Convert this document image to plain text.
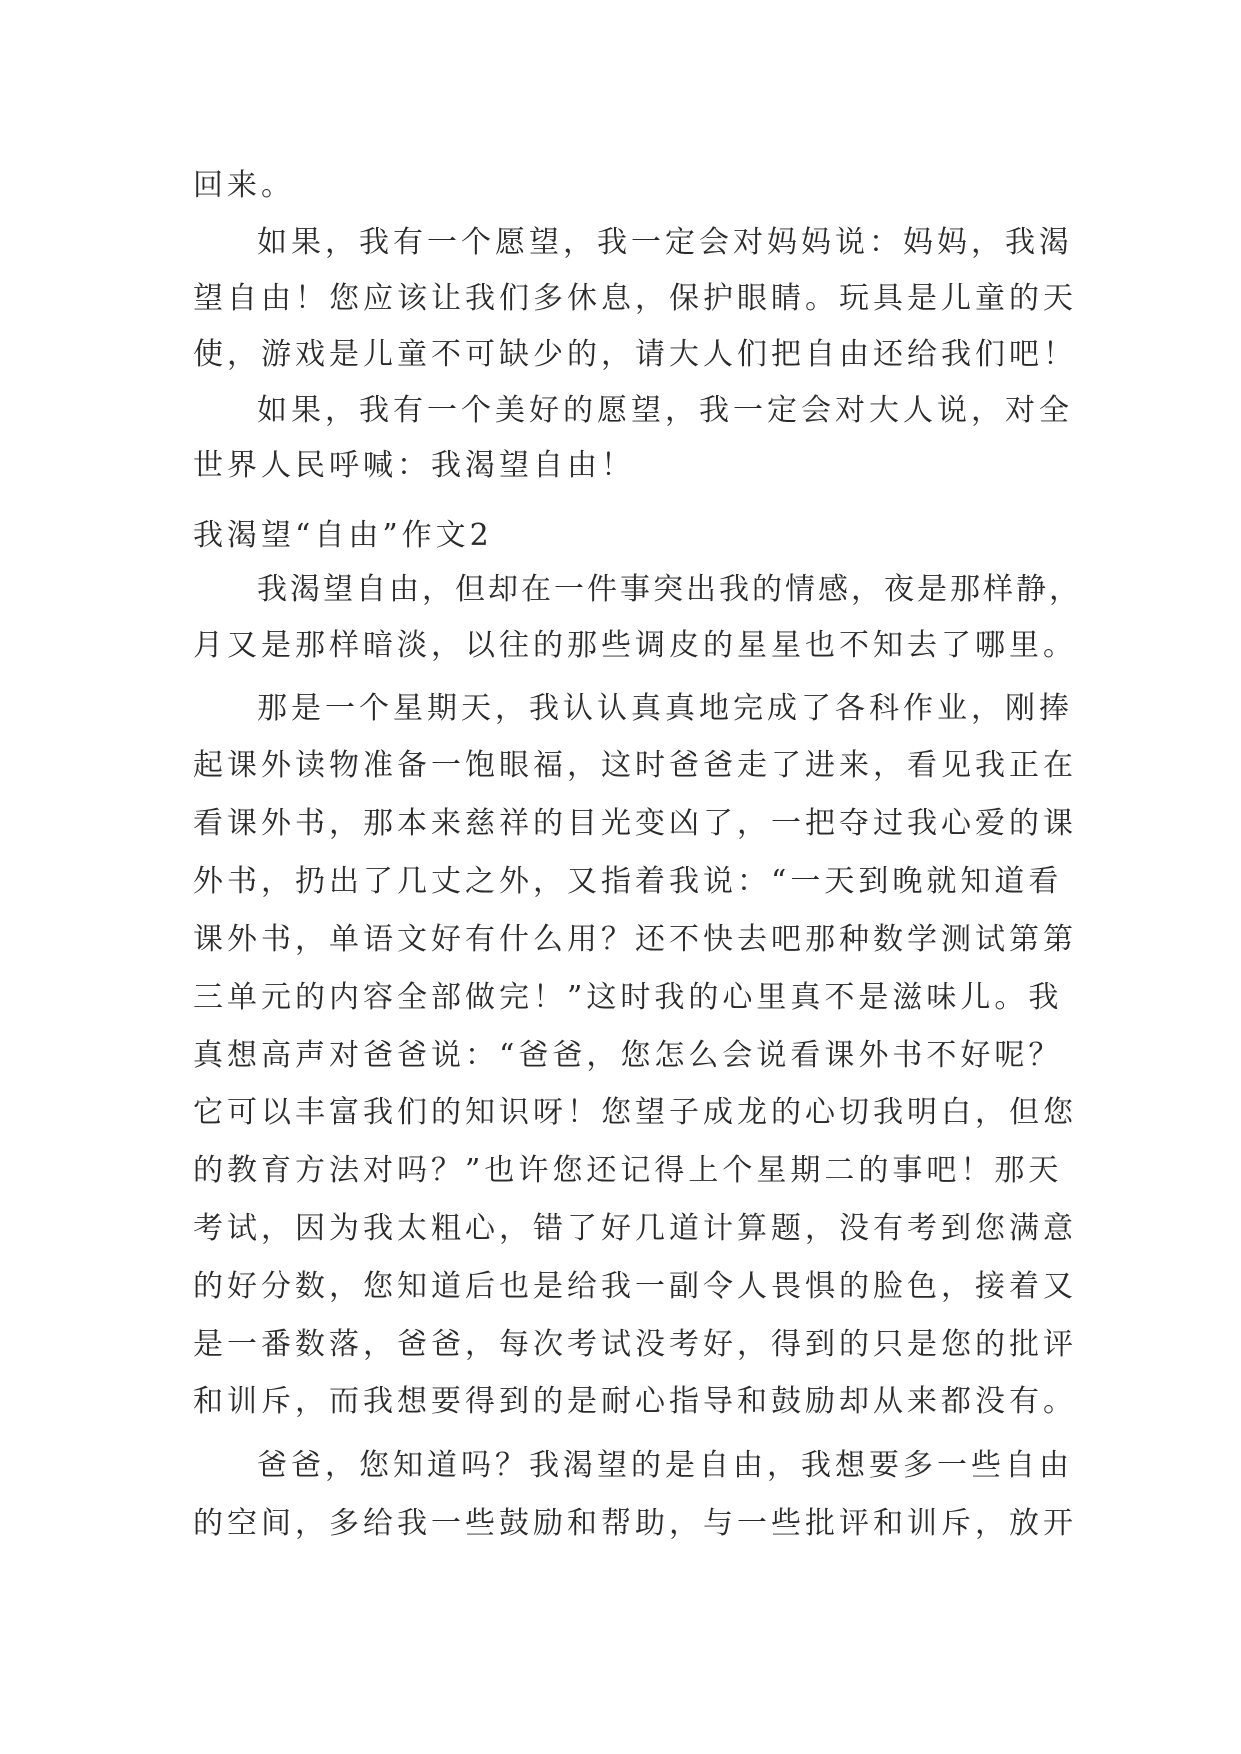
回来。
如果，我有一个愿望，我一定会对妈妈说：妈妈，我渴
望自由！您应该让我们多休息，保护眼睛。玩具是儿童的天
使，游戏是儿童不可缺少的，请大人们把自由还给我们吧！
如果，我有一个美好的愿望，我一定会对大人说，对全
世界人民呼喊：我渴望自由！
我渴望“自由”作文2
我渴望自由，但却在一件事突出我的情感，夜是那样静，
月又是那样暗淡，以往的那些调皮的星星也不知去了哪里。
那是一个星期天，我认认真真地完成了各科作业，刚捧
起课外读物准备一饱眼福，这时爸爸走了进来，看见我正在
看课外书，那本来慈祥的目光变凶了，一把夺过我心爱的课
外书，扔出了几丈之外，又指着我说：“一天到晚就知道看
课外书，单语文好有什么用？还不快去吧那种数学测试第第
三单元的内容全部做完！”这时我的心里真不是滋味儿。我
真想高声对爸爸说：“爸爸，您怎么会说看课外书不好呢？
它可以丰富我们的知识呀！您望子成龙的心切我明白，但您
的教育方法对吗？”也许您还记得上个星期二的事吧！那天
考试，因为我太粗心，错了好几道计算题，没有考到您满意
的好分数，您知道后也是给我一副令人畏惧的脸色，接着又
是一番数落，爸爸，每次考试没考好，得到的只是您的批评
和训斥，而我想要得到的是耐心指导和鼓励却从来都没有。
爸爸，您知道吗？我渴望的是自由，我想要多一些自由
的空间，多给我一些鼓励和帮助，与一些批评和训斥，放开
